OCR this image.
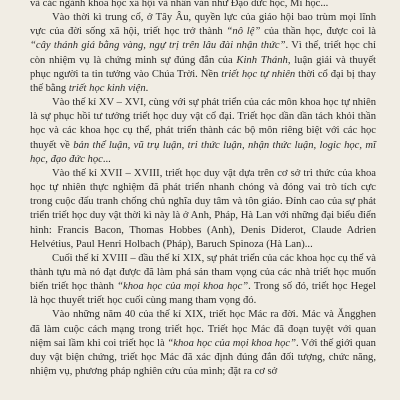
và các ngành khoa học xã hội và nhân văn như Đạo đức học, Mĩ học...

Vào thời kì trung cổ, ở Tây Âu, quyền lực của giáo hội bao trùm mọi lĩnh vực của đời sống xã hội, triết học trở thành “nô lệ” của thần học, được coi là “cây thánh giá bằng vàng, ngự trị trên lâu đài nhận thức”. Vì thế, triết học chỉ còn nhiệm vụ là chứng minh sự đúng đắn của Kinh Thánh, luận giải và thuyết phục người ta tin tưởng vào Chúa Trời. Nền triết học tự nhiên thời cổ đại bị thay thế bằng triết học kinh viện.

Vào thế kỉ XV – XVI, cùng với sự phát triển của các môn khoa học tự nhiên là sự phục hồi tư tưởng triết học duy vật cổ đại. Triết học dần dần tách khỏi thần học và các khoa học cụ thể, phát triển thành các bộ môn riêng biệt với các học thuyết về bản thể luận, vũ trụ luận, tri thức luận, nhận thức luận, logic học, mĩ học, đạo đức học...

Vào thế kỉ XVII – XVIII, triết học duy vật dựa trên cơ sở tri thức của khoa học tự nhiên thực nghiệm đã phát triển nhanh chóng và đóng vai trò tích cực trong cuộc đấu tranh chống chủ nghĩa duy tâm và tôn giáo. Đỉnh cao của sự phát triển triết học duy vật thời kì này là ở Anh, Pháp, Hà Lan với những đại biểu điển hình: Francis Bacon, Thomas Hobbes (Anh), Denis Diderot, Claude Adrien Helvétius, Paul Henri Holbach (Pháp), Baruch Spinoza (Hà Lan)...

Cuối thế kỉ XVIII – đầu thế kỉ XIX, sự phát triển của các khoa học cụ thể và thành tựu mà nó đạt được đã làm phá sản tham vọng của các nhà triết học muốn biến triết học thành “khoa học của mọi khoa học”. Trong số đó, triết học Hegel là học thuyết triết học cuối cùng mang tham vọng đó.

Vào những năm 40 của thế kỉ XIX, triết học Mác ra đời. Mác và Ăngghen đã làm cuộc cách mạng trong triết học. Triết học Mác đã đoạn tuyệt với quan niệm sai lầm khi coi triết học là “khoa học của mọi khoa học”. Với thế giới quan duy vật biện chứng, triết học Mác đã xác định đúng đắn đối tượng, chức năng, nhiệm vụ, phương pháp nghiên cứu của mình; đặt ra cơ sở
